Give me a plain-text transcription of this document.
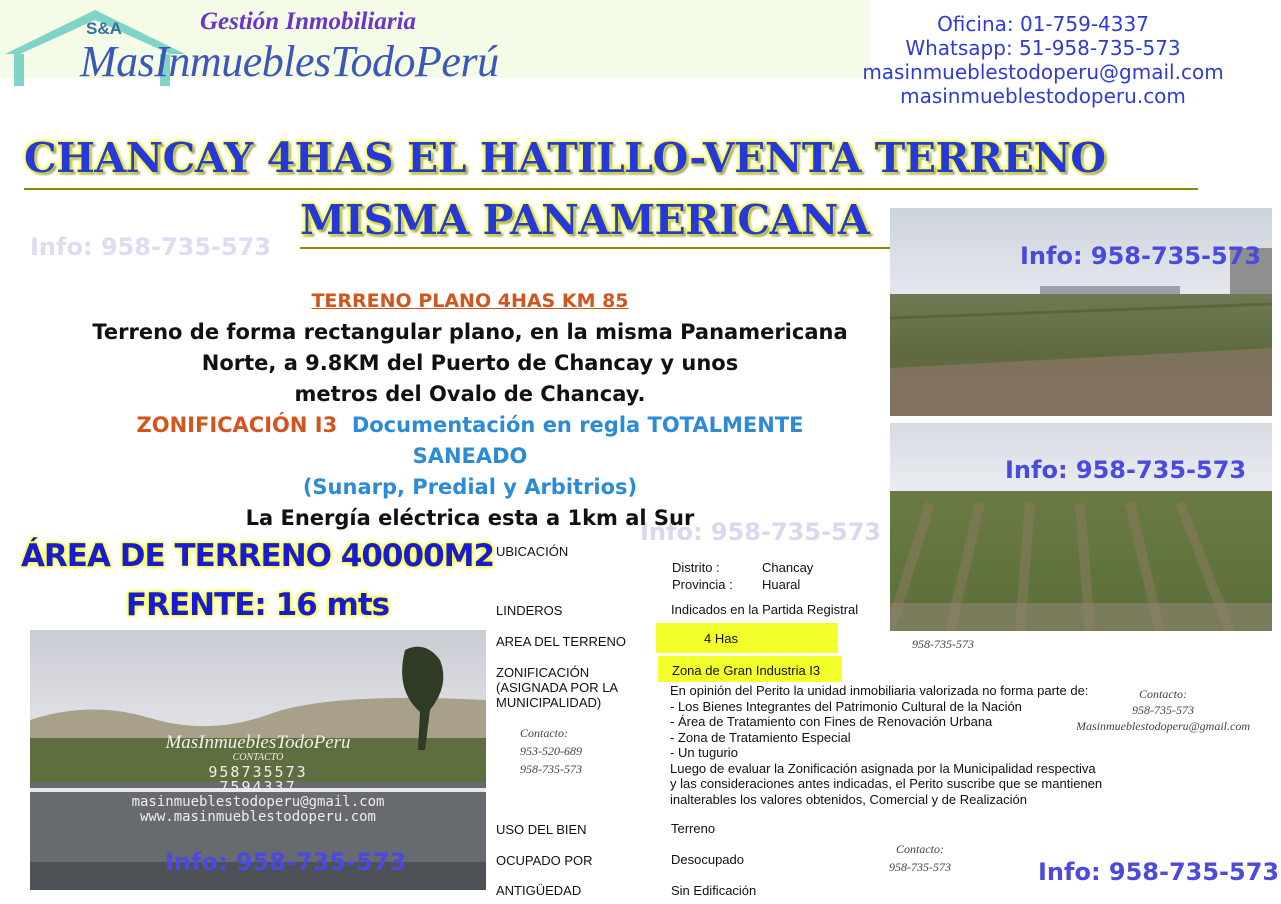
S&A	Gestión Inmobiliaria
MasInmueblesTodoPerú
Oficina: 01-759-4337
Whatsapp: 51-958-735-573
masinmueblestodoperu@gmail.com
masinmueblestodoperu.com
CHANCAY 4HAS EL HATILLO-VENTA TERRENO
MISMA PANAMERICANA
Info: 958-735-573
Info: 958-735-573
TERRENO PLANO 4HAS KM 85
Terreno de forma rectangular plano, en la misma Panamericana
Norte, a 9.8KM del Puerto de Chancay y unos
metros del Ovalo de Chancay.
ZONIFICACIÓN I3 Documentación en regla TOTALMENTE SANEADO
(Sunarp, Predial y Arbitrios)
La Energía eléctrica esta a 1km al Sur
ÁREA DE TERRENO 40000M2
FRENTE: 16 mts
Info: 958-735-573
Info: 958-735-573
958-735-573
MasInmueblesTodoPeru
CONTACTO
958735573
7594337
masinmueblestodoperu@gmail.com
www.masinmueblestodoperu.com
Info: 958-735-573
UBICACIÓN
Distrito :	Chancay
Provincia : Huaral
LINDEROS	Indicados en la Partida Registral
AREA DEL TERRENO	4 Has
ZONIFICACIÓN
(ASIGNADA POR LA
MUNICIPALIDAD)
Zona de Gran Industria I3
En opinión del Perito la unidad inmobiliaria valorizada no forma parte de:
- Los Bienes Integrantes del Patrimonio Cultural de la Nación
- Área de Tratamiento con Fines de Renovación Urbana
- Zona de Tratamiento Especial
- Un tugurio
Luego de evaluar la Zonificación asignada por la Municipalidad respectiva
y las consideraciones antes indicadas, el Perito suscribe que se mantienen
inalterables los valores obtenidos, Comercial y de Realización
Contacto:
953-520-689
958-735-573
Contacto:
958-735-573
Masinmueblestodoperu@gmail.com
USO DEL BIEN	Terreno
OCUPADO POR	Desocupado
ANTIGÜEDAD	Sin Edificación
Contacto:
958-735-573	Info: 958-735-573
